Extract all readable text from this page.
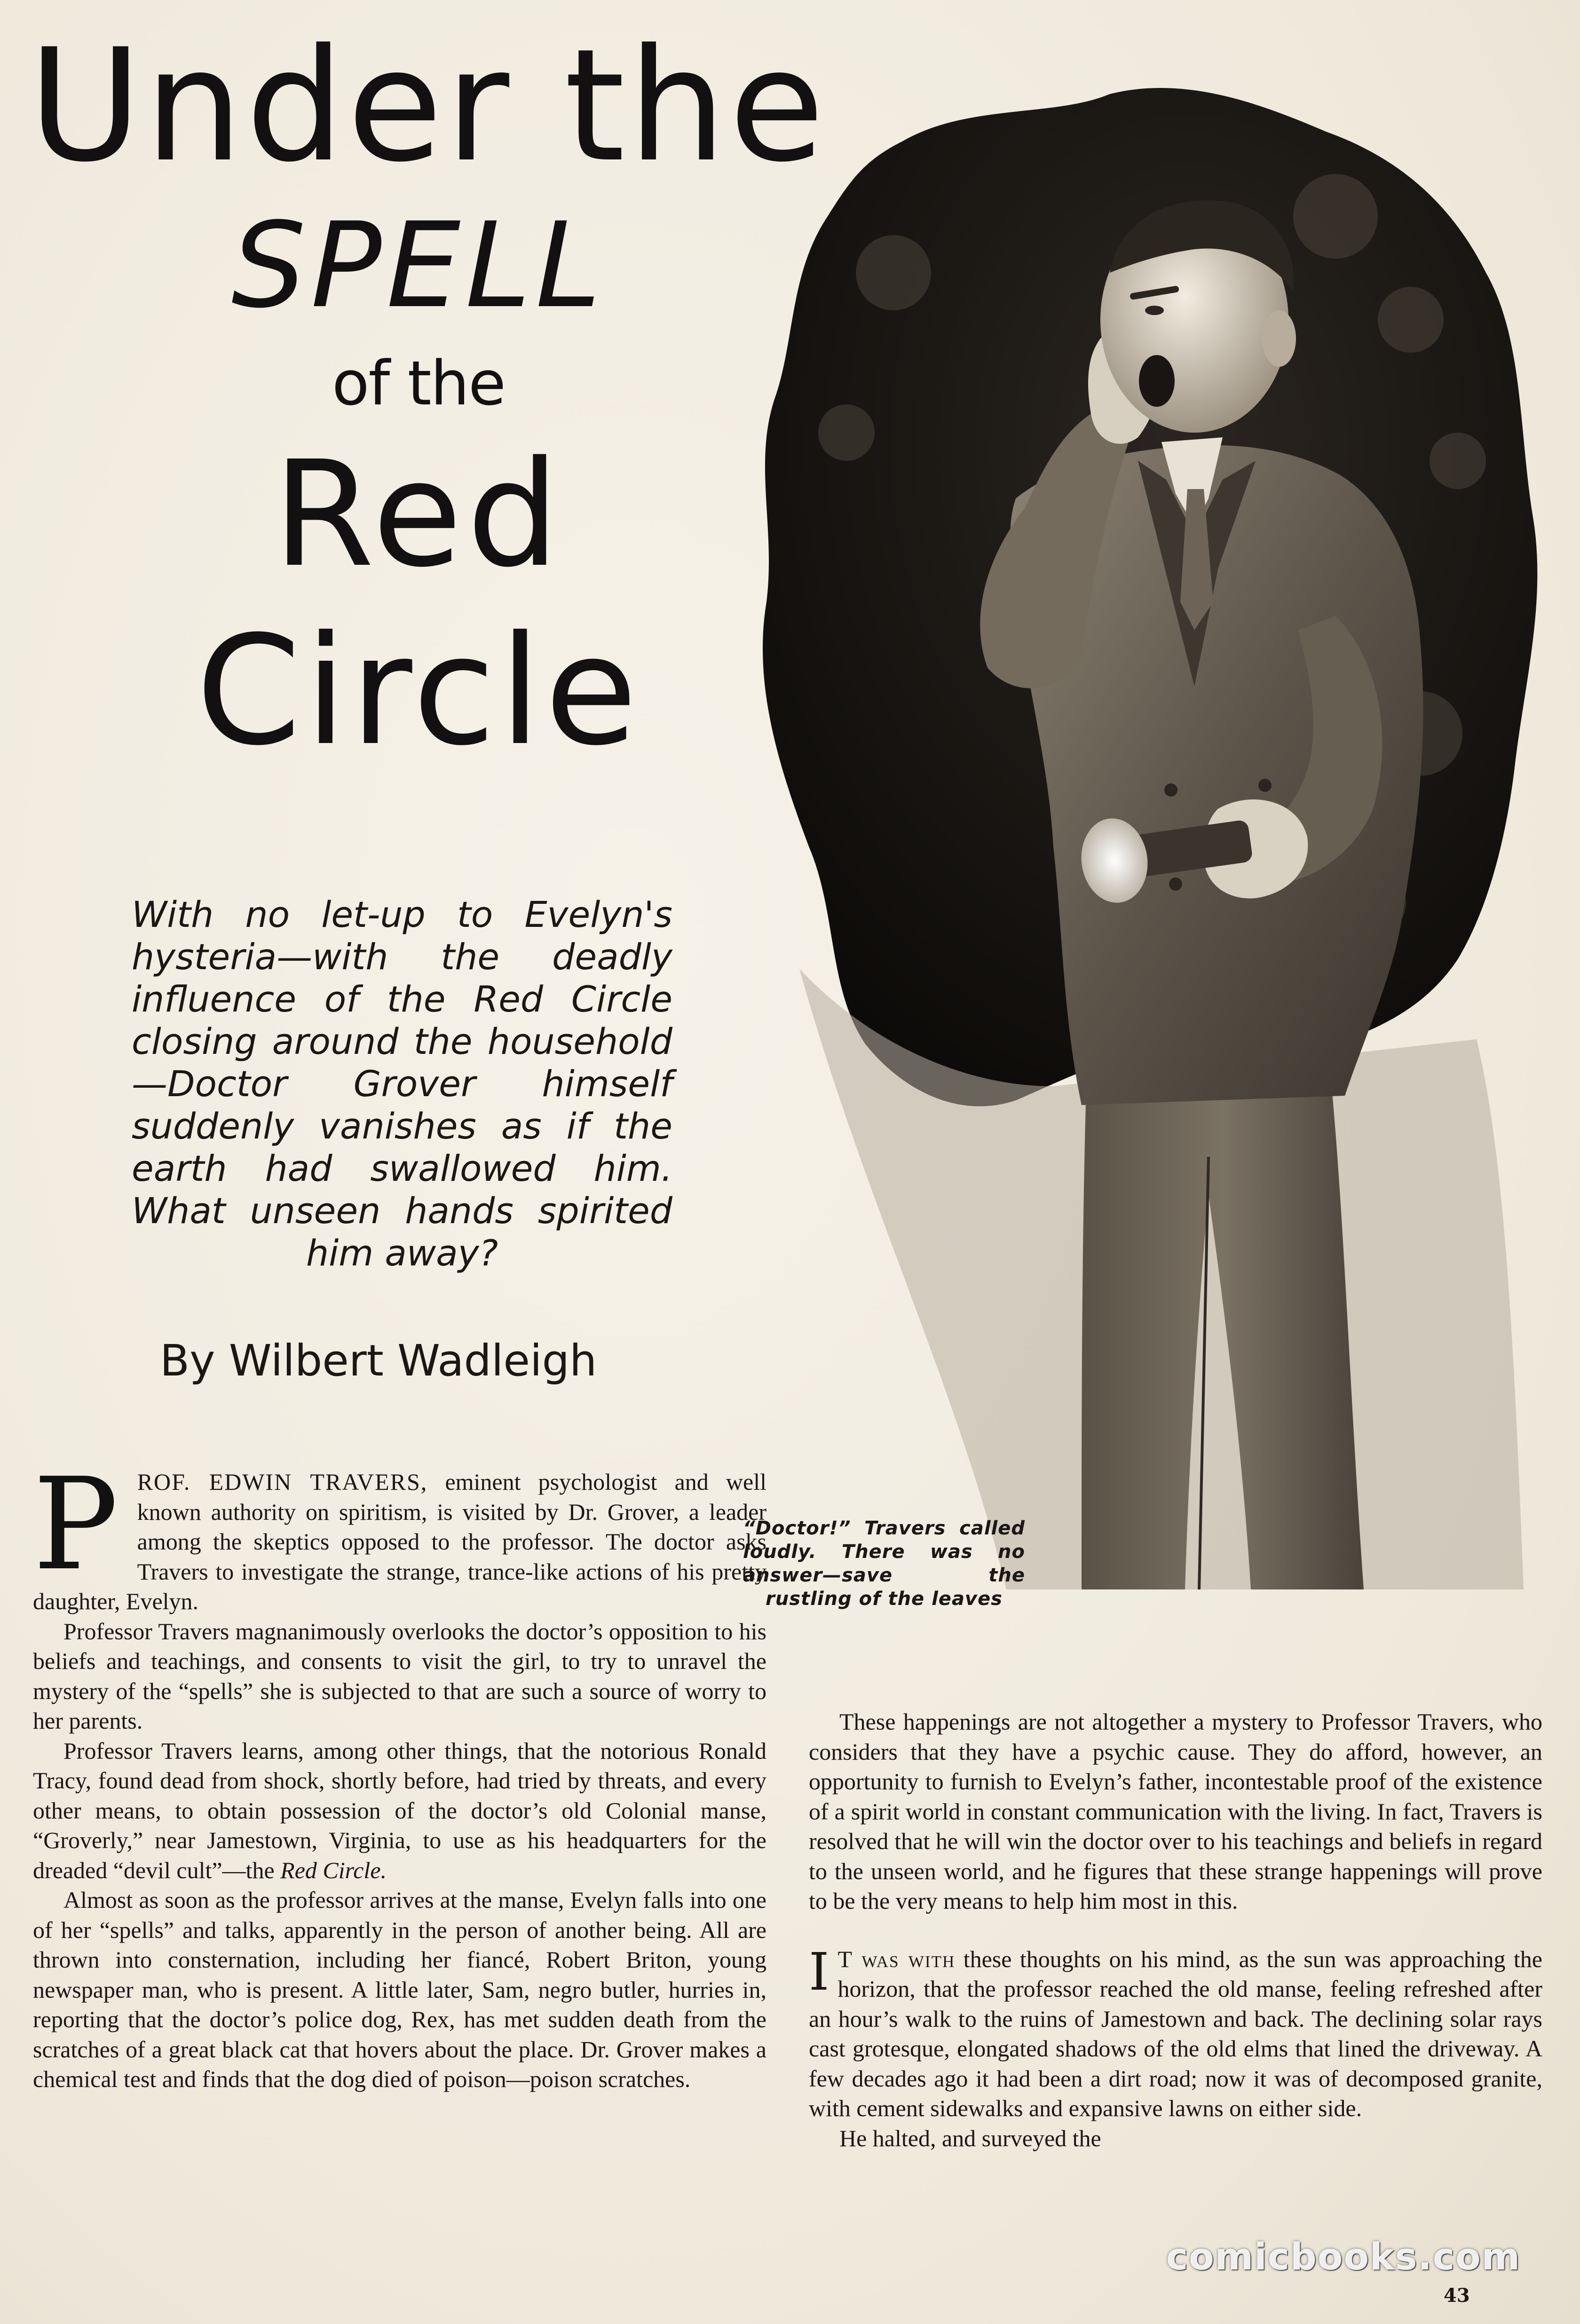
Under the
SPELL
of the
Red
Circle
With no let-up to Evelyn's hysteria—with the deadly influence of the Red Circle closing around the household —Doctor Grover himself suddenly vanishes as if the earth had swallowed him. What unseen hands spirited him away?
By Wilbert Wadleigh
“Doctor!” Travers called loudly. There was no answer—save the rustling of the leaves

PROF. EDWIN TRAVERS, eminent psychologist and well known authority on spiritism, is visited by Dr. Grover, a leader among the skeptics opposed to the professor. The doctor asks Travers to investigate the strange, trance-like actions of his pretty daughter, Evelyn.

Professor Travers magnanimously overlooks the doctor’s opposition to his beliefs and teachings, and consents to visit the girl, to try to unravel the mystery of the “spells” she is subjected to that are such a source of worry to her parents.

Professor Travers learns, among other things, that the notorious Ronald Tracy, found dead from shock, shortly before, had tried by threats, and every other means, to obtain possession of the doctor’s old Colonial manse, “Groverly,” near Jamestown, Virginia, to use as his headquarters for the dreaded “devil cult”—the Red Circle.

Almost as soon as the professor arrives at the manse, Evelyn falls into one of her “spells” and talks, apparently in the person of another being. All are thrown into consternation, including her fiancé, Robert Briton, young newspaper man, who is present. A little later, Sam, negro butler, hurries in, reporting that the doctor’s police dog, Rex, has met sudden death from the scratches of a great black cat that hovers about the place. Dr. Grover makes a chemical test and finds that the dog died of poison—poison scratches.

These happenings are not altogether a mystery to Professor Travers, who considers that they have a psychic cause. They do afford, however, an opportunity to furnish to Evelyn’s father, incontestable proof of the existence of a spirit world in constant communication with the living. In fact, Travers is resolved that he will win the doctor over to his teachings and beliefs in regard to the unseen world, and he figures that these strange happenings will prove to be the very means to help him most in this.

I T was with these thoughts on his mind, as the sun was approaching the horizon, that the professor reached the old manse, feeling refreshed after an hour’s walk to the ruins of Jamestown and back. The declining solar rays cast grotesque, elongated shadows of the old elms that lined the driveway. A few decades ago it had been a dirt road; now it was of decomposed granite, with cement sidewalks and expansive lawns on either side.

He halted, and surveyed the

comicbooks.com
43
